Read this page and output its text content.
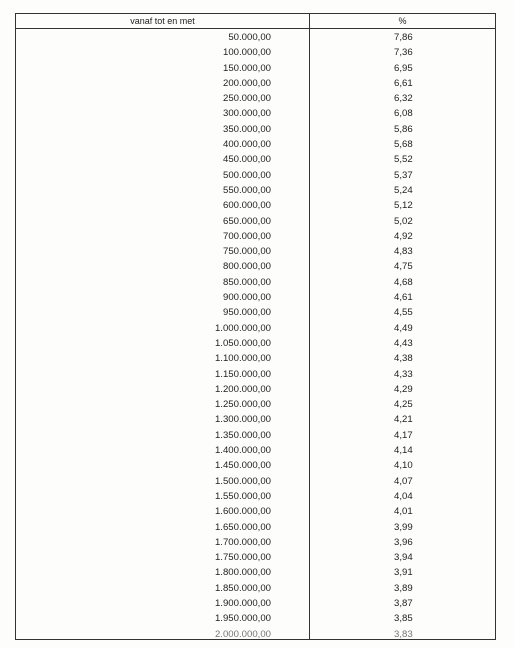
vanaf tot en met	%
50.000,00
100.000,00
150.000,00
200.000,00
250.000,00
300.000,00
350.000,00
400.000,00
450.000,00
500.000,00
550.000,00
600.000,00
650.000,00
700.000,00
750.000,00
800.000,00
850.000,00
900.000,00
950.000,00
1.000.000,00
1.050.000,00
1.100.000,00
1.150.000,00
1.200.000,00
1.250.000,00
1.300.000,00
1.350.000,00
1.400.000,00
1.450.000,00
1.500.000,00
1.550.000,00
1.600.000,00
1.650.000,00
1.700.000,00
1.750.000,00
1.800.000,00
1.850.000,00
1.900.000,00
1.950.000,00
2.000.000,00
7,86
7,36
6,95
6,61
6,32
6,08
5,86
5,68
5,52
5,37
5,24
5,12
5,02
4,92
4,83
4,75
4,68
4,61
4,55
4,49
4,43
4,38
4,33
4,29
4,25
4,21
4,17
4,14
4,10
4,07
4,04
4,01
3,99
3,96
3,94
3,91
3,89
3,87
3,85
3,83
